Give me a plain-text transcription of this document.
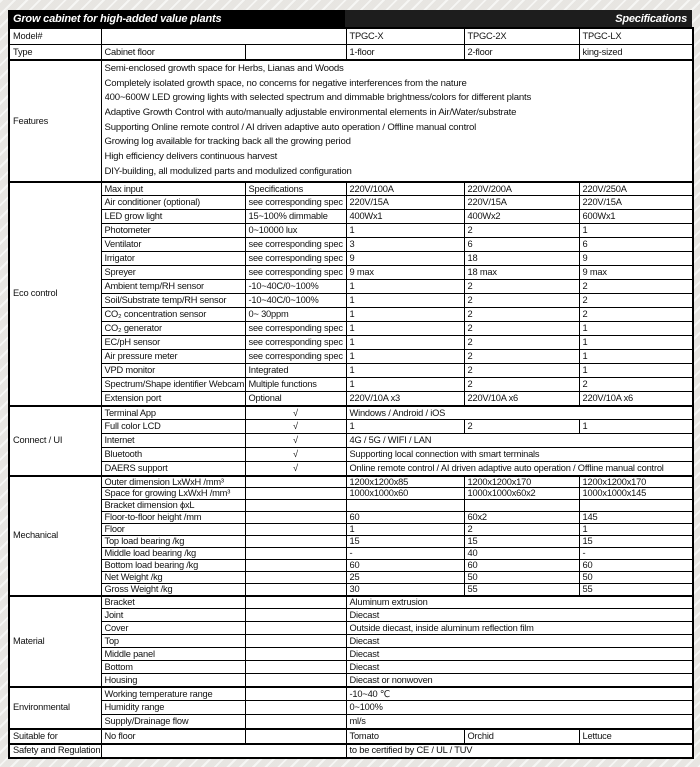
Grow cabinet for high-added value plants	Specifications
Model#			TPGC-X	TPGC-2X	TPGC-LX
Type	Cabinet floor		1-floor	2-floor	king-sized
Features	
Semi-enclosed growth space for Herbs, Lianas and Woods
Completely isolated growth space, no concerns for negative interferences from the nature
400~600W LED growing lights with selected spectrum and dimmable brightness/colors for different plants
Adaptive Growth Control with auto/manually adjustable environmental elements in Air/Water/substrate
Supporting Online remote control / AI driven adaptive auto operation / Offline manual control
Growing log available for tracking back all the growing period
High efficiency delivers continuous harvest
DIY-building, all modulized parts and modulized configuration

Eco control	Max input	Specifications	220V/100A	220V/200A	220V/250A
	Air conditioner (optional)	see corresponding spec	220V/15A	220V/15A	220V/15A
	LED grow light	15~100% dimmable	400Wx1	400Wx2	600Wx1
	Photometer	0~10000 lux	1	2	1
	Ventilator	see corresponding spec	3	6	6
	Irrigator	see corresponding spec	9	18	9
	Spreyer	see corresponding spec	9 max	18 max	9 max
	Ambient temp/RH sensor	-10~40C/0~100%	1	2	2
	Soil/Substrate temp/RH sensor	-10~40C/0~100%	1	2	2
	CO₂ concentration sensor	0~ 30ppm	1	2	2
	CO₂ generator	see corresponding spec	1	2	1
	EC/pH sensor	see corresponding spec	1	2	1
	Air pressure meter	see corresponding spec	1	2	1
	VPD monitor	Integrated	1	2	1
	Spectrum/Shape identifier Webcam	Multiple functions	1	2	2
	Extension port	Optional	220V/10A x3	220V/10A x6	220V/10A x6
Connect / UI	Terminal App	√	Windows / Android / iOS		
	Full color LCD	√	1	2	1
	Internet	√	4G / 5G / WIFI / LAN		
	Bluetooth	√	Supporting local connection with smart terminals		
	DAERS support	√	Online remote control / AI driven adaptive auto operation / Offline manual control		
Mechanical	Outer dimension LxWxH /mm³		1200x1200x85	1200x1200x170	1200x1200x170
	Space for growing LxWxH /mm³		1000x1000x60	1000x1000x60x2	1000x1000x145
	Bracket dimension ϕxL				
	Floor-to-floor height /mm		60	60x2	145
	Floor		1	2	1
	Top load bearing /kg		15	15	15
	Middle load bearing /kg		-	40	-
	Bottom load bearing /kg		60	60	60
	Net Weight /kg		25	50	50
	Gross Weight /kg		30	55	55
Material	Bracket		Aluminum extrusion		
	Joint		Diecast		
	Cover		Outside diecast, inside aluminum reflection film		
	Top		Diecast		
	Middle panel		Diecast		
	Bottom		Diecast		
	Housing		Diecast or nonwoven		
Environmental	Working temperature range		-10~40 ℃		
	Humidity range		0~100%		
	Supply/Drainage flow		ml/s		
Suitable for	No floor		Tomato	Orchid	Lettuce
Safety and Regulation			to be certified by CE / UL / TUV		
